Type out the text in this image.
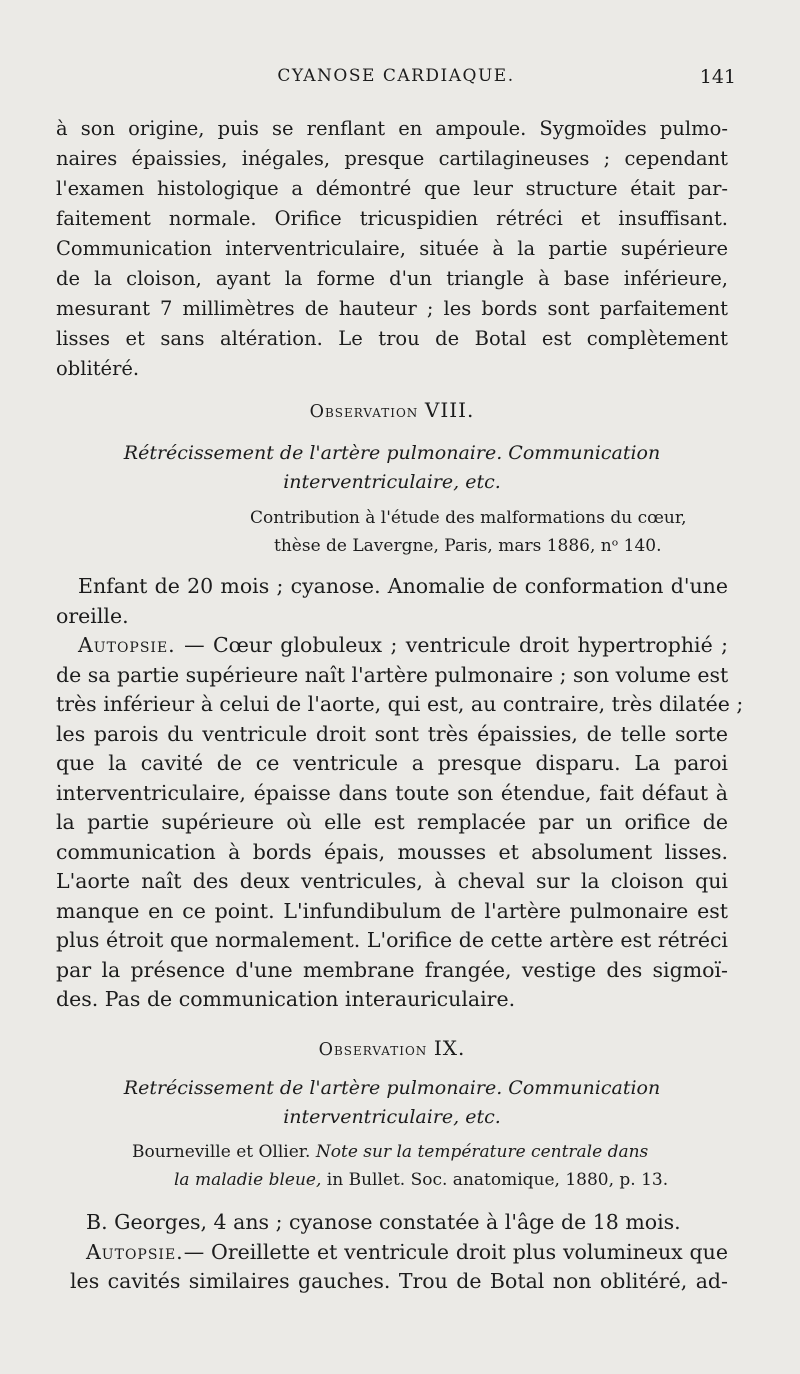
CYANOSE CARDIAQUE.	141
à son origine, puis se renflant en ampoule. Sygmoïdes pulmo-
naires épaissies, inégales, presque cartilagineuses ; cependant
l'examen histologique a démontré que leur structure était par-
faitement normale. Orifice tricuspidien rétréci et insuffisant.
Communication interventriculaire, située à la partie supérieure
de la cloison, ayant la forme d'un triangle à base inférieure,
mesurant 7 millimètres de hauteur ; les bords sont parfaitement
lisses et sans altération. Le trou de Botal est complètement
oblitéré.
Observation VIII.
Rétrécissement de l'artère pulmonaire. Communication
interventriculaire, etc.
Contribution à l'étude des malformations du cœur,
thèse de Lavergne, Paris, mars 1886, nᵒ 140.
Enfant de 20 mois ; cyanose. Anomalie de conformation d'une
oreille.
Autopsie. — Cœur globuleux ; ventricule droit hypertrophié ;
de sa partie supérieure naît l'artère pulmonaire ; son volume est
très inférieur à celui de l'aorte, qui est, au contraire, très dilatée ;
les parois du ventricule droit sont très épaissies, de telle sorte
que la cavité de ce ventricule a presque disparu. La paroi
interventriculaire, épaisse dans toute son étendue, fait défaut à
la partie supérieure où elle est remplacée par un orifice de
communication à bords épais, mousses et absolument lisses.
L'aorte naît des deux ventricules, à cheval sur la cloison qui
manque en ce point. L'infundibulum de l'artère pulmonaire est
plus étroit que normalement. L'orifice de cette artère est rétréci
par la présence d'une membrane frangée, vestige des sigmoï-
des. Pas de communication interauriculaire.
Observation IX.
Retrécissement de l'artère pulmonaire. Communication
interventriculaire, etc.
Bourneville et Ollier. Note sur la température centrale dans
la maladie bleue, in Bullet. Soc. anatomique, 1880, p. 13.
B. Georges, 4 ans ; cyanose constatée à l'âge de 18 mois.
Autopsie.— Oreillette et ventricule droit plus volumineux que
les cavités similaires gauches. Trou de Botal non oblitéré, ad-
